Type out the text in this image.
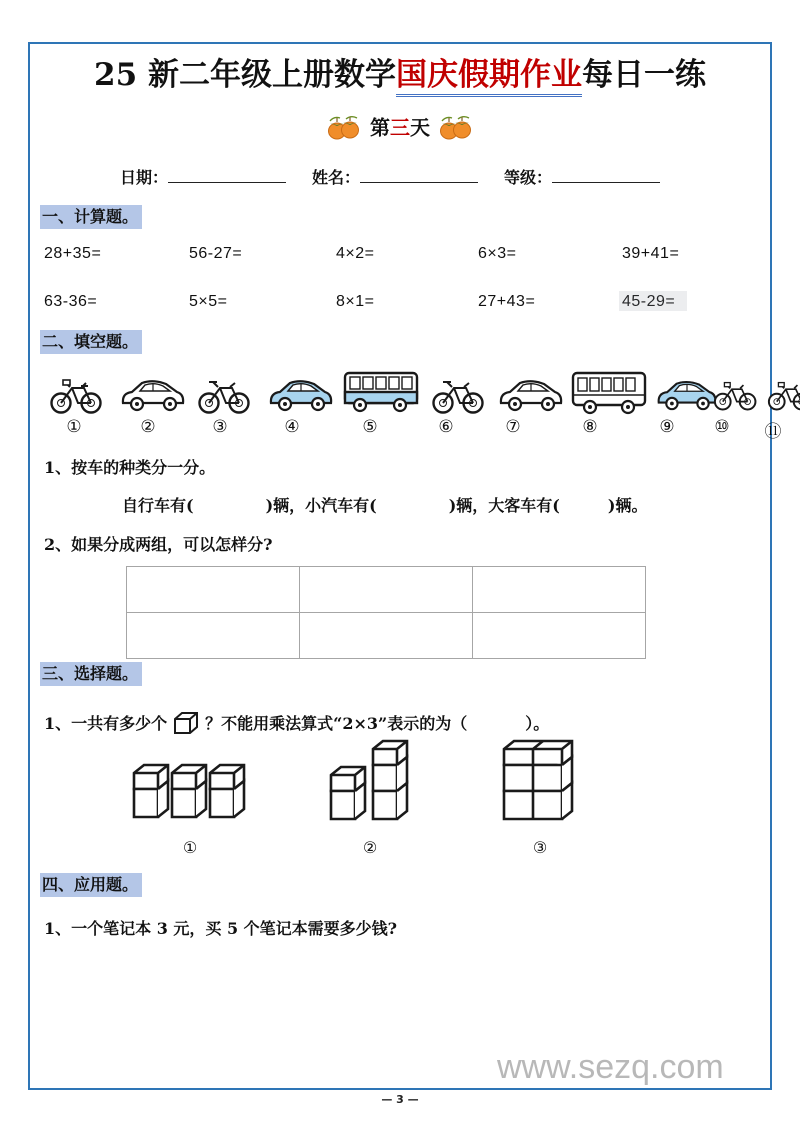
25 新二年级上册数学国庆假期作业每日一练
第三天
日期：	姓名：	等级：
一、计算题。
28+35=	56-27=	4×2=	6×3=	39+41=
63-36=	5×5=	8×1=	27+43=	45-29=
二、填空题。
①	②	③	④	⑤	⑥	⑦	⑧	⑨ ⑩ ⑪
1、按车的种类分一分。
自行车有(	)辆，小汽车有(	)辆，大客车有(	)辆。
2、如果分成两组，可以怎样分?

三、选择题。
1、一共有多少个 ？不能用乘法算式“2×3”表示的为（	）。
①	②	③
四、应用题。
1、一个笔记本 3 元，买 5 个笔记本需要多少钱?
www.sezq.com
— 3 —
